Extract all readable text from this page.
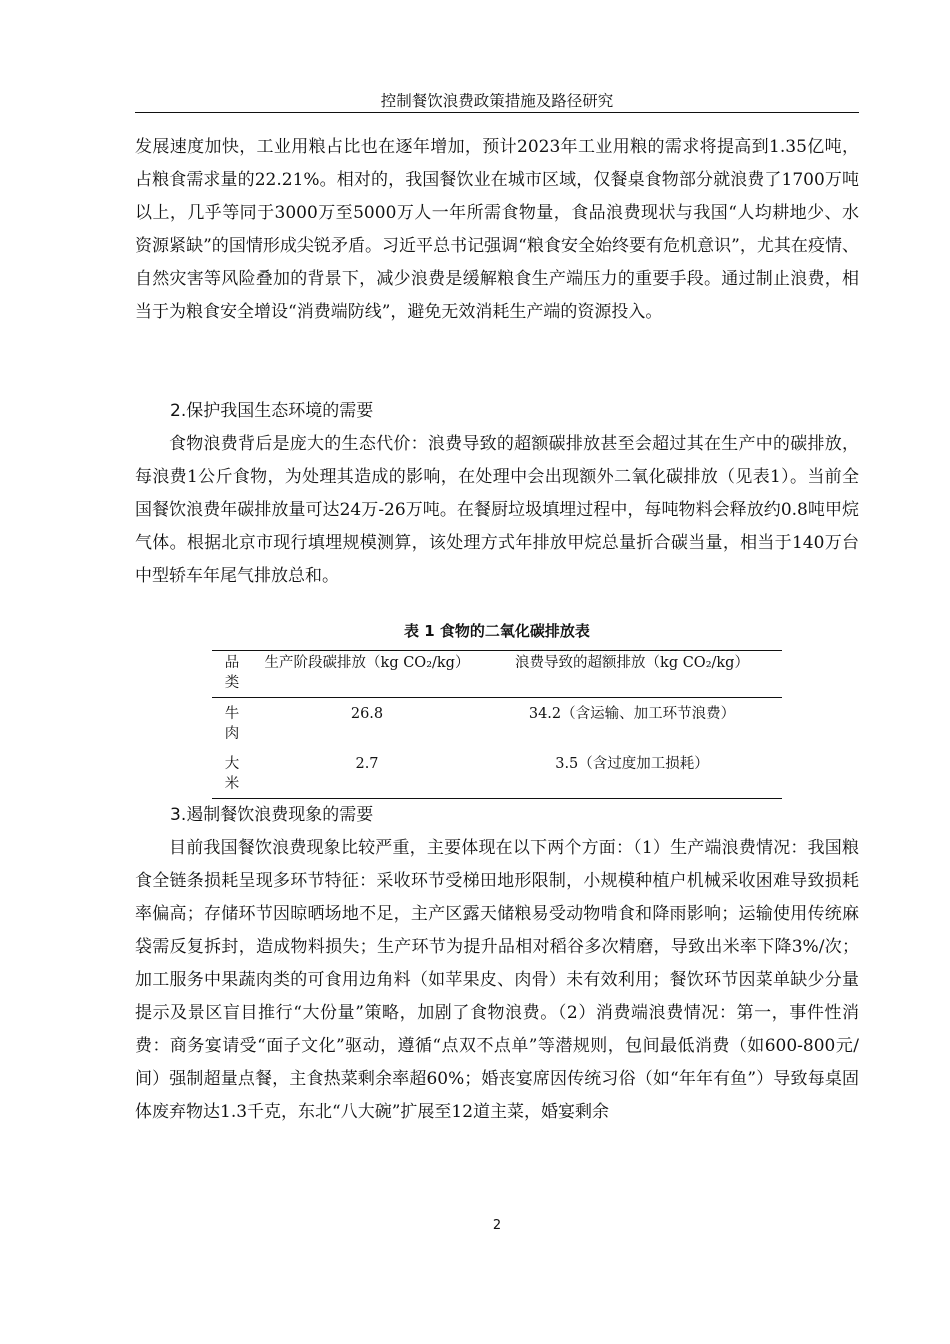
控制餐饮浪费政策措施及路径研究

发展速度加快，工业用粮占比也在逐年增加，预计2023年工业用粮的需求将提高到1.35亿吨，占粮食需求量的22.21%。相对的，我国餐饮业在城市区域，仅餐桌食物部分就浪费了1700万吨以上，几乎等同于3000万至5000万人一年所需食物量，食品浪费现状与我国“人均耕地少、水资源紧缺”的国情形成尖锐矛盾。习近平总书记强调“粮食安全始终要有危机意识”，尤其在疫情、自然灾害等风险叠加的背景下，减少浪费是缓解粮食生产端压力的重要手段。通过制止浪费，相当于为粮食安全增设“消费端防线”，避免无效消耗生产端的资源投入。

2.保护我国生态环境的需要

食物浪费背后是庞大的生态代价：浪费导致的超额碳排放甚至会超过其在生产中的碳排放，每浪费1公斤食物，为处理其造成的影响，在处理中会出现额外二氧化碳排放（见表1）。当前全国餐饮浪费年碳排放量可达24万-26万吨。在餐厨垃圾填埋过程中，每吨物料会释放约0.8吨甲烷气体。根据北京市现行填埋规模测算，该处理方式年排放甲烷总量折合碳当量，相当于140万台中型轿车年尾气排放总和。

表 1 食物的二氧化碳排放表
品类	生产阶段碳排放（kg CO₂/kg）	浪费导致的超额排放（kg CO₂/kg）

牛肉	26.8	34.2（含运输、加工环节浪费）

大米	2.7	3.5（含过度加工损耗）

3.遏制餐饮浪费现象的需要

目前我国餐饮浪费现象比较严重，主要体现在以下两个方面：（1）生产端浪费情况：我国粮食全链条损耗呈现多环节特征：采收环节受梯田地形限制，小规模种植户机械采收困难导致损耗率偏高；存储环节因晾晒场地不足，主产区露天储粮易受动物啃食和降雨影响；运输使用传统麻袋需反复拆封，造成物料损失；生产环节为提升品相对稻谷多次精磨，导致出米率下降3%/次；加工服务中果蔬肉类的可食用边角料（如苹果皮、肉骨）未有效利用；餐饮环节因菜单缺少分量提示及景区盲目推行“大份量”策略，加剧了食物浪费。（2）消费端浪费情况：第一，事件性消费：商务宴请受“面子文化”驱动，遵循“点双不点单”等潜规则，包间最低消费（如600-800元/间）强制超量点餐，主食热菜剩余率超60%；婚丧宴席因传统习俗（如“年年有鱼”）导致每桌固体废弃物达1.3千克，东北“八大碗”扩展至12道主菜，婚宴剩余

2
